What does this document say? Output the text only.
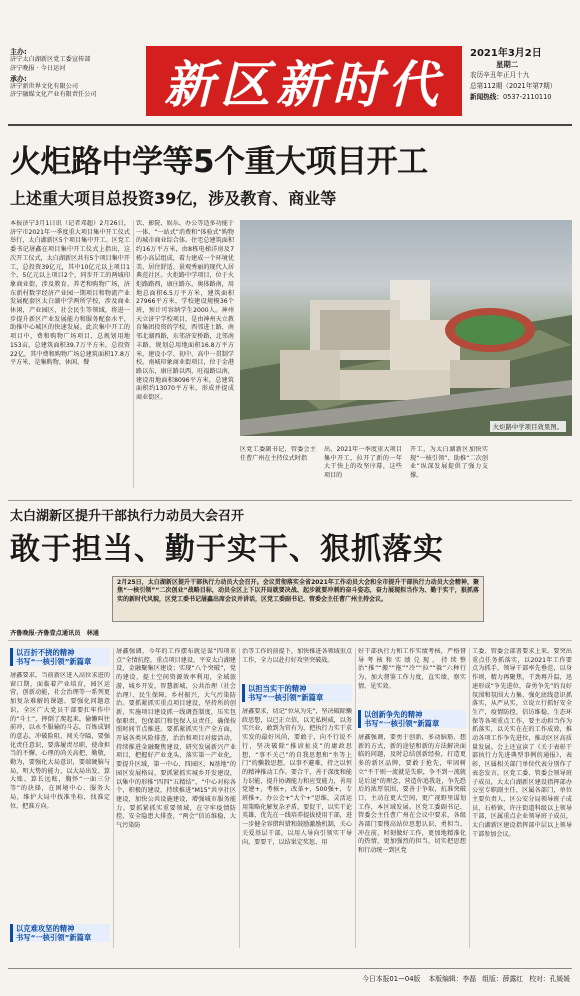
主办:
济宁太白湖新区党工委宣传部
济宁晚报 · 今日运河
承办:
济宁新世界文化有限公司
济宁融媒文化产业有限责任公司	新区新时代
2021年3月2日
星期二
农历辛丑年正月十九
总第112期（2021年第7期）
新闻热线：0537-2110110
火炬路中学等5个重大项目开工
上述重大项目总投资39亿，涉及教育、商业等
本报济宁3月1日讯（记者邓超）2月26日，济宁市2021年一季度重大项目集中开工仪式举行，太白湖新区5个项目集中开工。区党工委书记屠鑫在项目集中开工仪式上指出，这次开工仪式，太白湖新区共有5个项目集中开工，总投资39亿元，其中10亿元以上项目1个、5亿元以上项目2个，同步开工的两城印象商业街，涉及教育、养老和购物广场，济东新村数字经济产业园一期项目和物流产业发展配套区太白湖中学两所学校，涉及商业休闲，产业园区，社会民生等领域，将进一步提升新区产业发展能力和服务配套水平，助推中心城区的快速发展。此次集中开工的项目中，费和购物广场项目，总规划用地153亩，总建筑面积39.7万平方米，总投资22亿，其中费和购物广场总建筑面积17.8万平方米，是集购物、休闲、餐
饮、影院、娱乐、办公等适多功能于一体，“一站式”消费和“体验式”购物的城市商业综合体。住宅总建筑面积约16万平方米，由8栋电梯洋房及7栋小高层组成，着力建成一个环境优美、居住舒适、景观秀丽的现代人居典范社区。火炬路中学项目，位于火炬路路西，康庄路东，奥体路南，用地总面积6.5万平方米，建筑面积27966平方米，学校建设规模36个班，预计可容纳学生2000人。神州天立济宁学校项目，是由神州天立教育集团投资的学校，西邻进士路，南邻北湖西路，东邻济安桥路，北邻南丰路，规划总用地面积16.8万平方米，建设小学、初中、高中一贯制学校。南城印象商业街项目，位于金港路以东，康庄路以西，旺福路以南，建设用地面积8096平方米，总建筑面积约13070平方米，形成并提成商业街区。
火炬路中学项目效果图。
区党工委副书记、管委会主任曹广州在主持仪式时指
出，2021年一季度重大项目集中开工，拉开了新的一年大干快上的攻坚序幕，这些项目的
开工，为太白湖新区加快实现“一核引领”、助推“二次创业”纵深发展提供了强力支撑。
太白湖新区提升干部执行力动员大会召开
敢于担当、勤于实干、狠抓落实
2月25日，太白湖新区提升干部执行力动员大会召开。会议贯彻落实全省2021年工作动员大会和全市提升干部执行力动员大会精神，聚焦“一核引领”“二次创业”战略目标，动员全区上下以开局就要决战、起步就要冲刺的奋斗姿态，奋力展现担当作为、勤于实干，狠抓落实的新时代风貌，区党工委书记屠鑫出席会议并讲话，区党工委副书记、管委会主任曹广州主持会议。
齐鲁晚报·齐鲁壹点通讯员 林通
以百折不挠的精神
书写“一核引领”新篇章
屠鑫要求，当前新区进入高位求进的窗口期，面临着产业培育，园区运营，创新动能，社会治理等一系列更加复杂难解的课题。要强化问题意识，全区广大党员干部要扛牢作中的“斗士”，摔倒了爬起来，偷懒叫往前冲，以永不服输的斗志，百炼成钢的意志，冲破险阻，闯关夺隘，要强化责任意识，要落履责尽职，使命担当的不懈、心理的尚关高把，勤敬，勤为，要强化大局意识，要端硬脑与局，明大势的能力，以大局出发、算大账、算长远账，胸怀“一面三分等”的抉择，在困境中心、服务大局，维护大局中找准坐标，找准定位，把准方向。
以克难攻坚的精神
书写“一核引领”新篇章
屠鑫强调，今年的工作摆布就是谋“四项重点”全情抗控，重点项目建设、平安太白湖建设，金融聚集区建设；实现“八个突破”，党的建设，提土空间资源效率利用，全域旅游，城乡开发，智慧新城，公共治理（社会治理）、民生保障，乡村振兴，大气污染防治。要抓紧抓实重点项目建设，坚持所的创新，实施项目建设抓一线调查制度，压实包保职责，包保部门和包保人员责任，确保按照时间节点推进。要抓紧抓实生产全方面，开展各类风险排查，治治和项目对接活动，持续推进金融聚焦建设，研究发展新兴产业项目，把握好产业龙头，落实第一产业化，要提升区域，第一中心、四园区、N基地”的园区发展格局，要抓紧抓实城乡开发建设，以集中的形推“四四”五精结”，“中心对标各个，积极的建设，持续推进“M15”共享社区建设，加快公共设施建设，增强城市服务能力。要抓紧抓实重要领域，在守牢疫情防控，安全隐患大排查，“两会”信访维稳，大气污染防
治等工作的前提下，加快推进各领域重点工作，全力以赴打好攻坚突破战。
以担当实干的精神
书写“一核引领”新篇章
屠鑫要求，切记“位从为先”，坚决破除懒政思想，以已正立信，以无私树威，以务实兴业，敢到为官有为，把执行力实干求实发的最好风尚，要敢于，向不行说不行，坚决破除“推谚扯皮”的庸政思想，“事不关己”的自我思想和“坐等上门”的懒散思想，以事不避难，持之以恒的精神推动工作。要合干，善于深度和能力识能，提升协调能力和应变能力，善用党建+，考核+，改革+，500强+，专班推+，办公会+“大个+”思维，灵活运用策略化解复杂矛盾，要促干，以实干论英雄，优先在一线培养提拔使用干部，进一步健全容错纠错和鼓励激励机制，关心关爱基层干部，以用人导向引领实干导向，要要干，以结果定奖惩，用
好干部执行力和工作实绩考核，严格督导考核和实绩兑现，持续整治“推”“搬”“拖”“冷”“拉”“躲”六种行为，加大督鉴工作力度，直实绩、察实情、见实效。
以创新争先的精神
书写“一核引领”新篇章
屠鑫强调，要勇于创新，多动脑筋、想新的方式，新的途径和新的方法解决面临的问题，及时总结创新经验，打造更多的新区品牌，要敢于抢先，牢固树立“不干则一流就是失职，争不到一流就是后退”的理念，营造你追我赶，争先恐后的浓厚氛围，要善于争取，抗准突破口，主动在更大空间，更广视野里谋划工作，本区域发展。区党工委副书记，管委会主任曹广州在会议中要求，各级各部门要搜高站位思想认识，勇担当、冲在前，时刻做好工作，更加地精准化的热情，更加强烈的担当，切实把思想和行动统一到区党
工委、管委会部署要求上来。要突出重点任务抓落实，以2021年工作要点为抓手，领导干部率先垂范，以身作则，精力再聚焦，干劲再升温，迅速形成“争先进位，奋勇争先”的良好氛围和氛围大力集，强化底线意识抓落实，从严从实，立说立行抓好安全生产，疫情防控，信访维稳，生态环保等各项重点工作，要主动担当作为抓落实，以关实在在的工作成效，推动各项工作争先进位，推动区区高质量发展。会上还宣读了《关于表彰干部执行力先进典型事例的通报》，表彰，区属相关部门单位代表分别作了表态发言。区党工委、管委会领导班子成员，大太白湖新区建设指挥部办公室专职副主任，区属各部门，单位主要负责人，区公安分局领导班子成员，石桥镇、许庄街道科级以上领导干部，区属重点企业领导班子成员，太白湖新区建设指挥部中层以上领导干部参加会议。
今日本报01—04版 本版编辑：李磊 组版：薛露红 校对：孔媛媛
